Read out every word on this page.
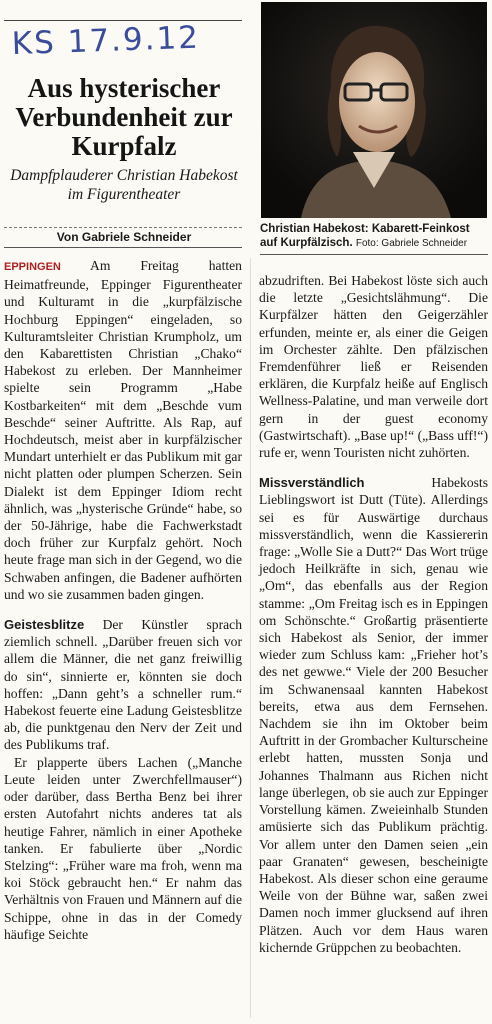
KS 17.9.12
Aus hysterischer Verbundenheit zur Kurpfalz
Dampfplauderer Christian Habekost im Figurentheater
Von Gabriele Schneider
Christian Habekost: Kabarett-Feinkost auf Kurpfälzisch. Foto: Gabriele Schneider

EPPINGEN Am Freitag hatten Heimatfreunde, Eppinger Figurentheater und Kulturamt in die „kurpfälzische Hochburg Eppingen“ eingeladen, so Kulturamtsleiter Christian Krumpholz, um den Kabarettisten Christian „Chako“ Habekost zu erleben. Der Mannheimer spielte sein Programm „Habe Kostbarkeiten“ mit dem „Beschde vum Beschde“ seiner Auftritte. Als Rap, auf Hochdeutsch, meist aber in kurpfälzischer Mundart unterhielt er das Publikum mit gar nicht platten oder plumpen Scherzen. Sein Dialekt ist dem Eppinger Idiom recht ähnlich, was „hysterische Gründe“ habe, so der 50-Jährige, habe die Fachwerkstadt doch früher zur Kurpfalz gehört. Noch heute frage man sich in der Gegend, wo die Schwaben anfingen, die Badener aufhörten und wo sie zusammen baden gingen.

Geistesblitze Der Künstler sprach ziemlich schnell. „Darüber freuen sich vor allem die Männer, die net ganz freiwillig do sin“, sinnierte er, könnten sie doch hoffen: „Dann geht’s a schneller rum.“ Habekost feuerte eine Ladung Geistesblitze ab, die punktgenau den Nerv der Zeit und des Publikums traf.

Er plapperte übers Lachen („Manche Leute leiden unter Zwerchfellmauser“) oder darüber, dass Bertha Benz bei ihrer ersten Autofahrt nichts anderes tat als heutige Fahrer, nämlich in einer Apotheke tanken. Er fabulierte über „Nordic Stelzing“: „Früher ware ma froh, wenn ma koi Stöck gebraucht hen.“ Er nahm das Verhältnis von Frauen und Männern auf die Schippe, ohne in das in der Comedy häufige Seichte

abzudriften. Bei Habekost löste sich auch die letzte „Gesichtslähmung“. Die Kurpfälzer hätten den Geigerzähler erfunden, meinte er, als einer die Geigen im Orchester zählte. Den pfälzischen Fremdenführer ließ er Reisenden erklären, die Kurpfalz heiße auf Englisch Wellness-Palatine, und man verweile dort gern in der guest economy (Gastwirtschaft). „Base up!“ („Bass uff!“) rufe er, wenn Touristen nicht zuhörten.

Missverständlich	Habekosts Lieblingswort ist Dutt (Tüte). Allerdings sei es für Auswärtige durchaus missverständlich, wenn die Kassiererin frage: „Wolle Sie a Dutt?“ Das Wort trüge jedoch Heilkräfte in sich, genau wie „Om“, das ebenfalls aus der Region stamme: „Om Freitag isch es in Eppingen om Schönschte.“ Großartig präsentierte sich Habekost als Senior, der immer wieder zum Schluss kam: „Frieher hot’s des net gewwe.“ Viele der 200 Besucher im Schwanensaal kannten Habekost bereits, etwa aus dem Fernsehen. Nachdem sie ihn im Oktober beim Auftritt in der Grombacher Kulturscheine erlebt hatten, mussten Sonja und Johannes Thalmann aus Richen nicht lange überlegen, ob sie auch zur Eppinger Vorstellung kämen. Zweieinhalb Stunden amüsierte sich das Publikum prächtig. Vor allem unter den Damen seien „ein paar Granaten“ gewesen, bescheinigte Habekost. Als dieser schon eine geraume Weile von der Bühne war, saßen zwei Damen noch immer glucksend auf ihren Plätzen. Auch vor dem Haus waren kichernde Grüppchen zu beobachten.
